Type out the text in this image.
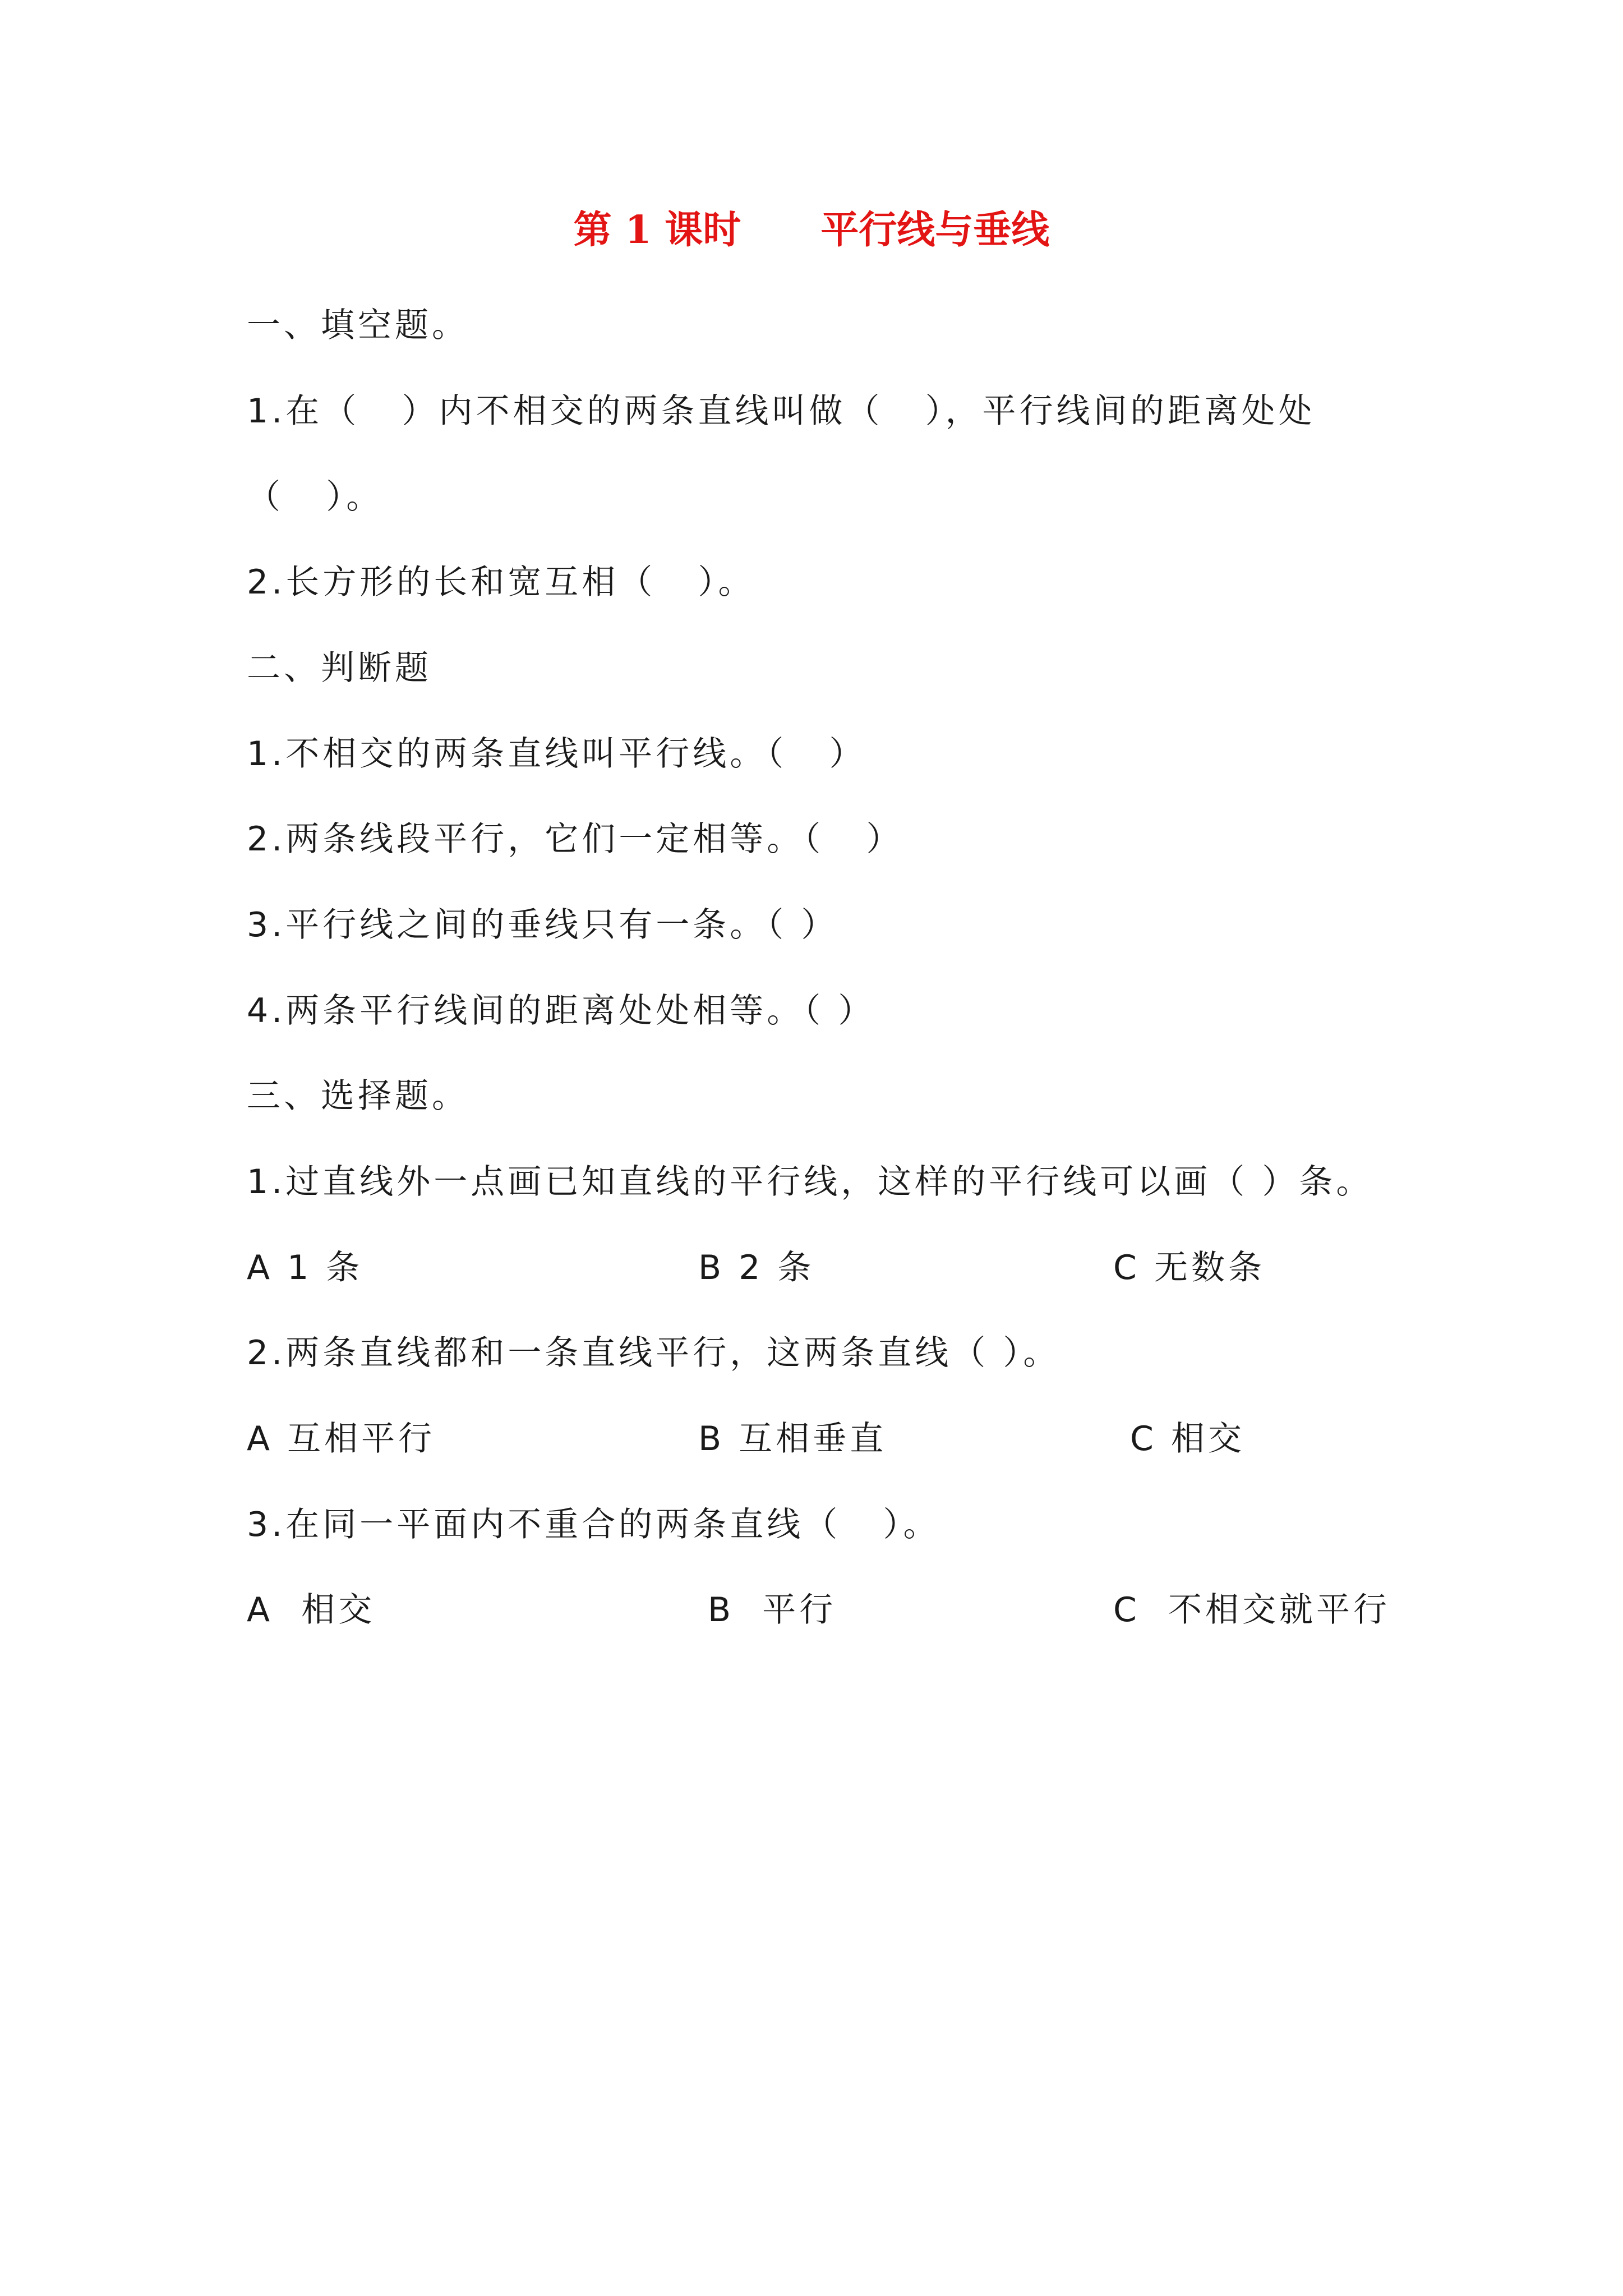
第 1 课时      平行线与垂线
一、填空题。
1.在（   ）内不相交的两条直线叫做（   ），平行线间的距离处处
（   ）。
2.长方形的长和宽互相（   ）。
二、判断题
1.不相交的两条直线叫平行线。（   ）
2.两条线段平行，它们一定相等。（   ）
3.平行线之间的垂线只有一条。（ ）
4.两条平行线间的距离处处相等。（ ）
三、选择题。
1.过直线外一点画已知直线的平行线，这样的平行线可以画（ ）条。
A 1 条	B 2 条	C 无数条
2.两条直线都和一条直线平行，这两条直线（ ）。
A 互相平行	B 互相垂直	C 相交
3.在同一平面内不重合的两条直线（   ）。
A  相交	B  平行	C  不相交就平行
